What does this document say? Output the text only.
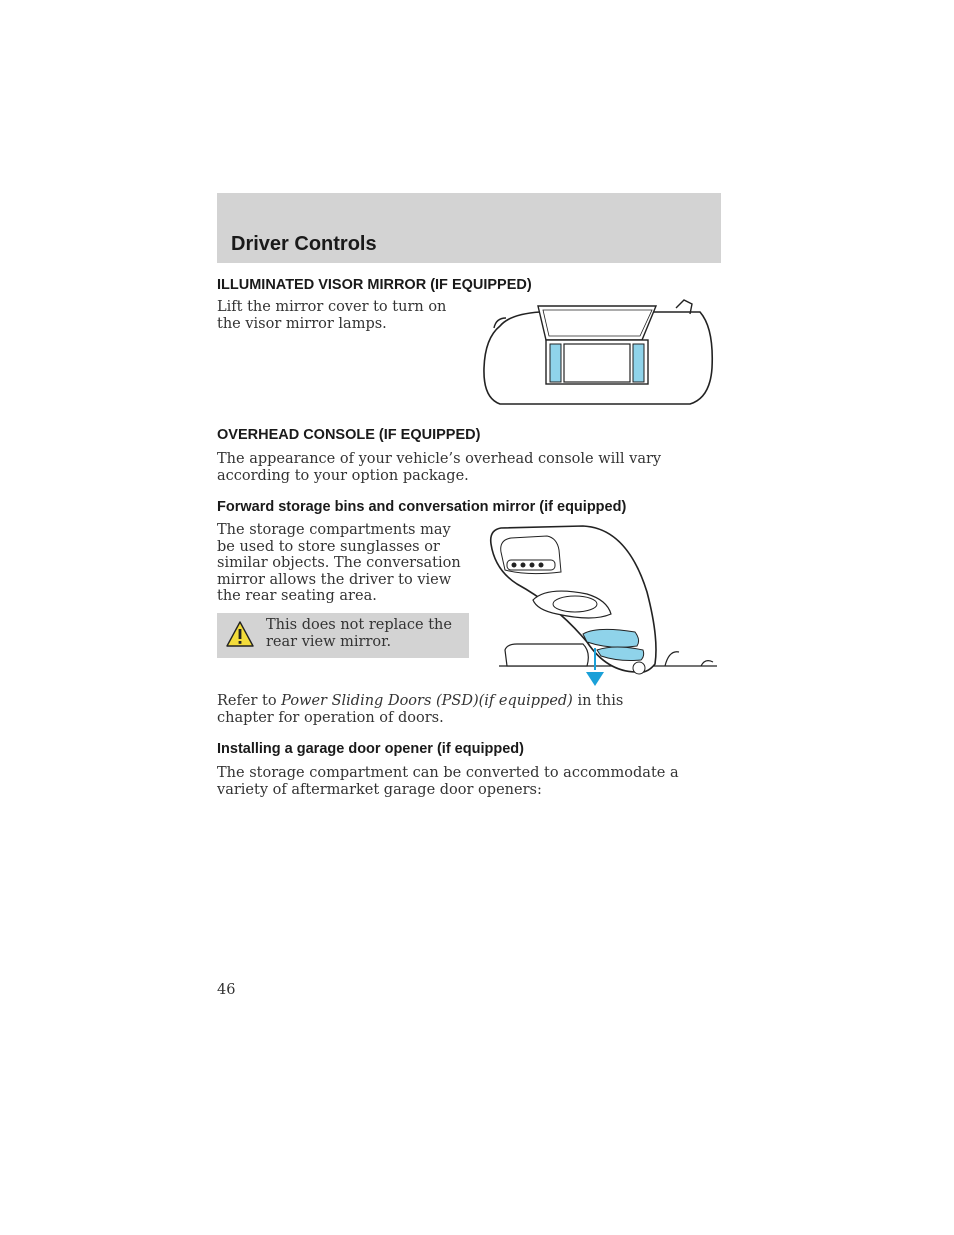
Driver Controls
ILLUMINATED VISOR MIRROR (IF EQUIPPED)

Lift the mirror cover to turn on the visor mirror lamps.

OVERHEAD CONSOLE (IF EQUIPPED)

The appearance of your vehicle’s overhead console will vary according to your option package.

Forward storage bins and conversation mirror (if equipped)

The storage compartments may be used to store sunglasses or similar objects. The conversation mirror allows the driver to view the rear seating area.

This does not replace the rear view mirror.

Refer to Power Sliding Doors (PSD)(if equipped) in this chapter for operation of doors.

Installing a garage door opener (if equipped)

The storage compartment can be converted to accommodate a variety of aftermarket garage door openers:

46
